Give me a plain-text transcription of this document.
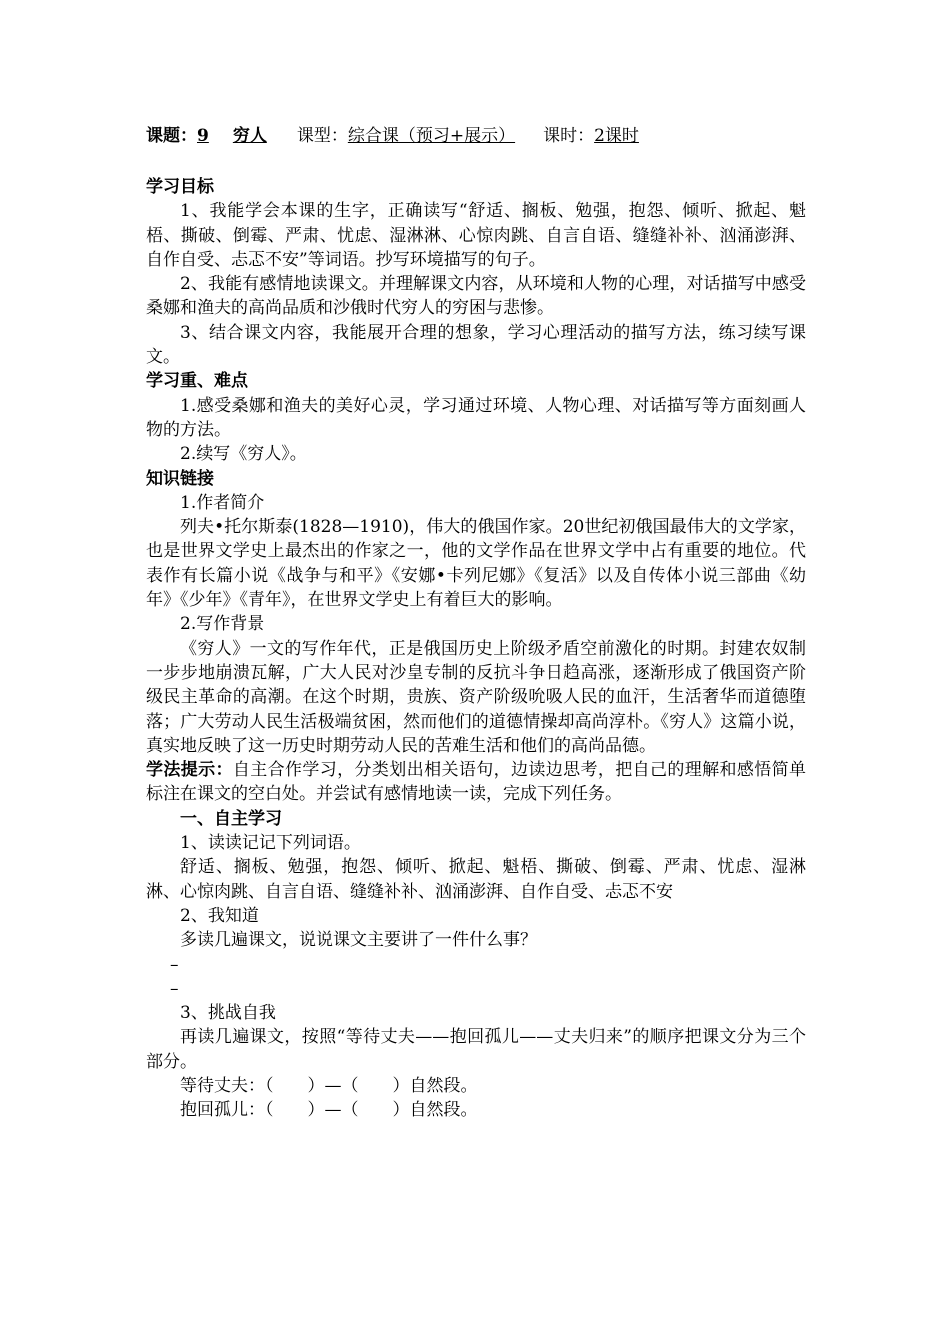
课题：9 穷人 课型：综合课（预习+展示） 课时：2课时
学习目标

1、我能学会本课的生字，正确读写“舒适、搁板、勉强，抱怨、倾听、掀起、魁梧、撕破、倒霉、严肃、忧虑、湿淋淋、心惊肉跳、自言自语、缝缝补补、汹涌澎湃、自作自受、忐忑不安”等词语。抄写环境描写的句子。

2、我能有感情地读课文。并理解课文内容，从环境和人物的心理，对话描写中感受桑娜和渔夫的高尚品质和沙俄时代穷人的穷困与悲惨。

3、结合课文内容，我能展开合理的想象，学习心理活动的描写方法，练习续写课文。

学习重、难点

1.感受桑娜和渔夫的美好心灵，学习通过环境、人物心理、对话描写等方面刻画人物的方法。

2.续写《穷人》。

知识链接

1.作者简介

列夫•托尔斯泰(1828—1910)，伟大的俄国作家。20世纪初俄国最伟大的文学家，也是世界文学史上最杰出的作家之一，他的文学作品在世界文学中占有重要的地位。代表作有长篇小说《战争与和平》《安娜•卡列尼娜》《复活》以及自传体小说三部曲《幼年》《少年》《青年》，在世界文学史上有着巨大的影响。

2.写作背景

《穷人》一文的写作年代，正是俄国历史上阶级矛盾空前激化的时期。封建农奴制一步步地崩溃瓦解，广大人民对沙皇专制的反抗斗争日趋高涨，逐渐形成了俄国资产阶级民主革命的高潮。在这个时期，贵族、资产阶级吮吸人民的血汗，生活奢华而道德堕落；广大劳动人民生活极端贫困，然而他们的道德情操却高尚淳朴。《穷人》这篇小说，真实地反映了这一历史时期劳动人民的苦难生活和他们的高尚品德。

学法提示：自主合作学习，分类划出相关语句，边读边思考，把自己的理解和感悟简单标注在课文的空白处。并尝试有感情地读一读，完成下列任务。

一、自主学习

1、读读记记下列词语。

舒适、搁板、勉强，抱怨、倾听、掀起、魁梧、撕破、倒霉、严肃、忧虑、湿淋淋、心惊肉跳、自言自语、缝缝补补、汹涌澎湃、自作自受、忐忑不安

2、我知道

多读几遍课文，说说课文主要讲了一件什么事？

–

–

3、挑战自我

再读几遍课文，按照“等待丈夫——抱回孤儿——丈夫归来”的顺序把课文分为三个部分。

等待丈夫：（　　）—（　　）自然段。

抱回孤儿：（　　）—（　　）自然段。
